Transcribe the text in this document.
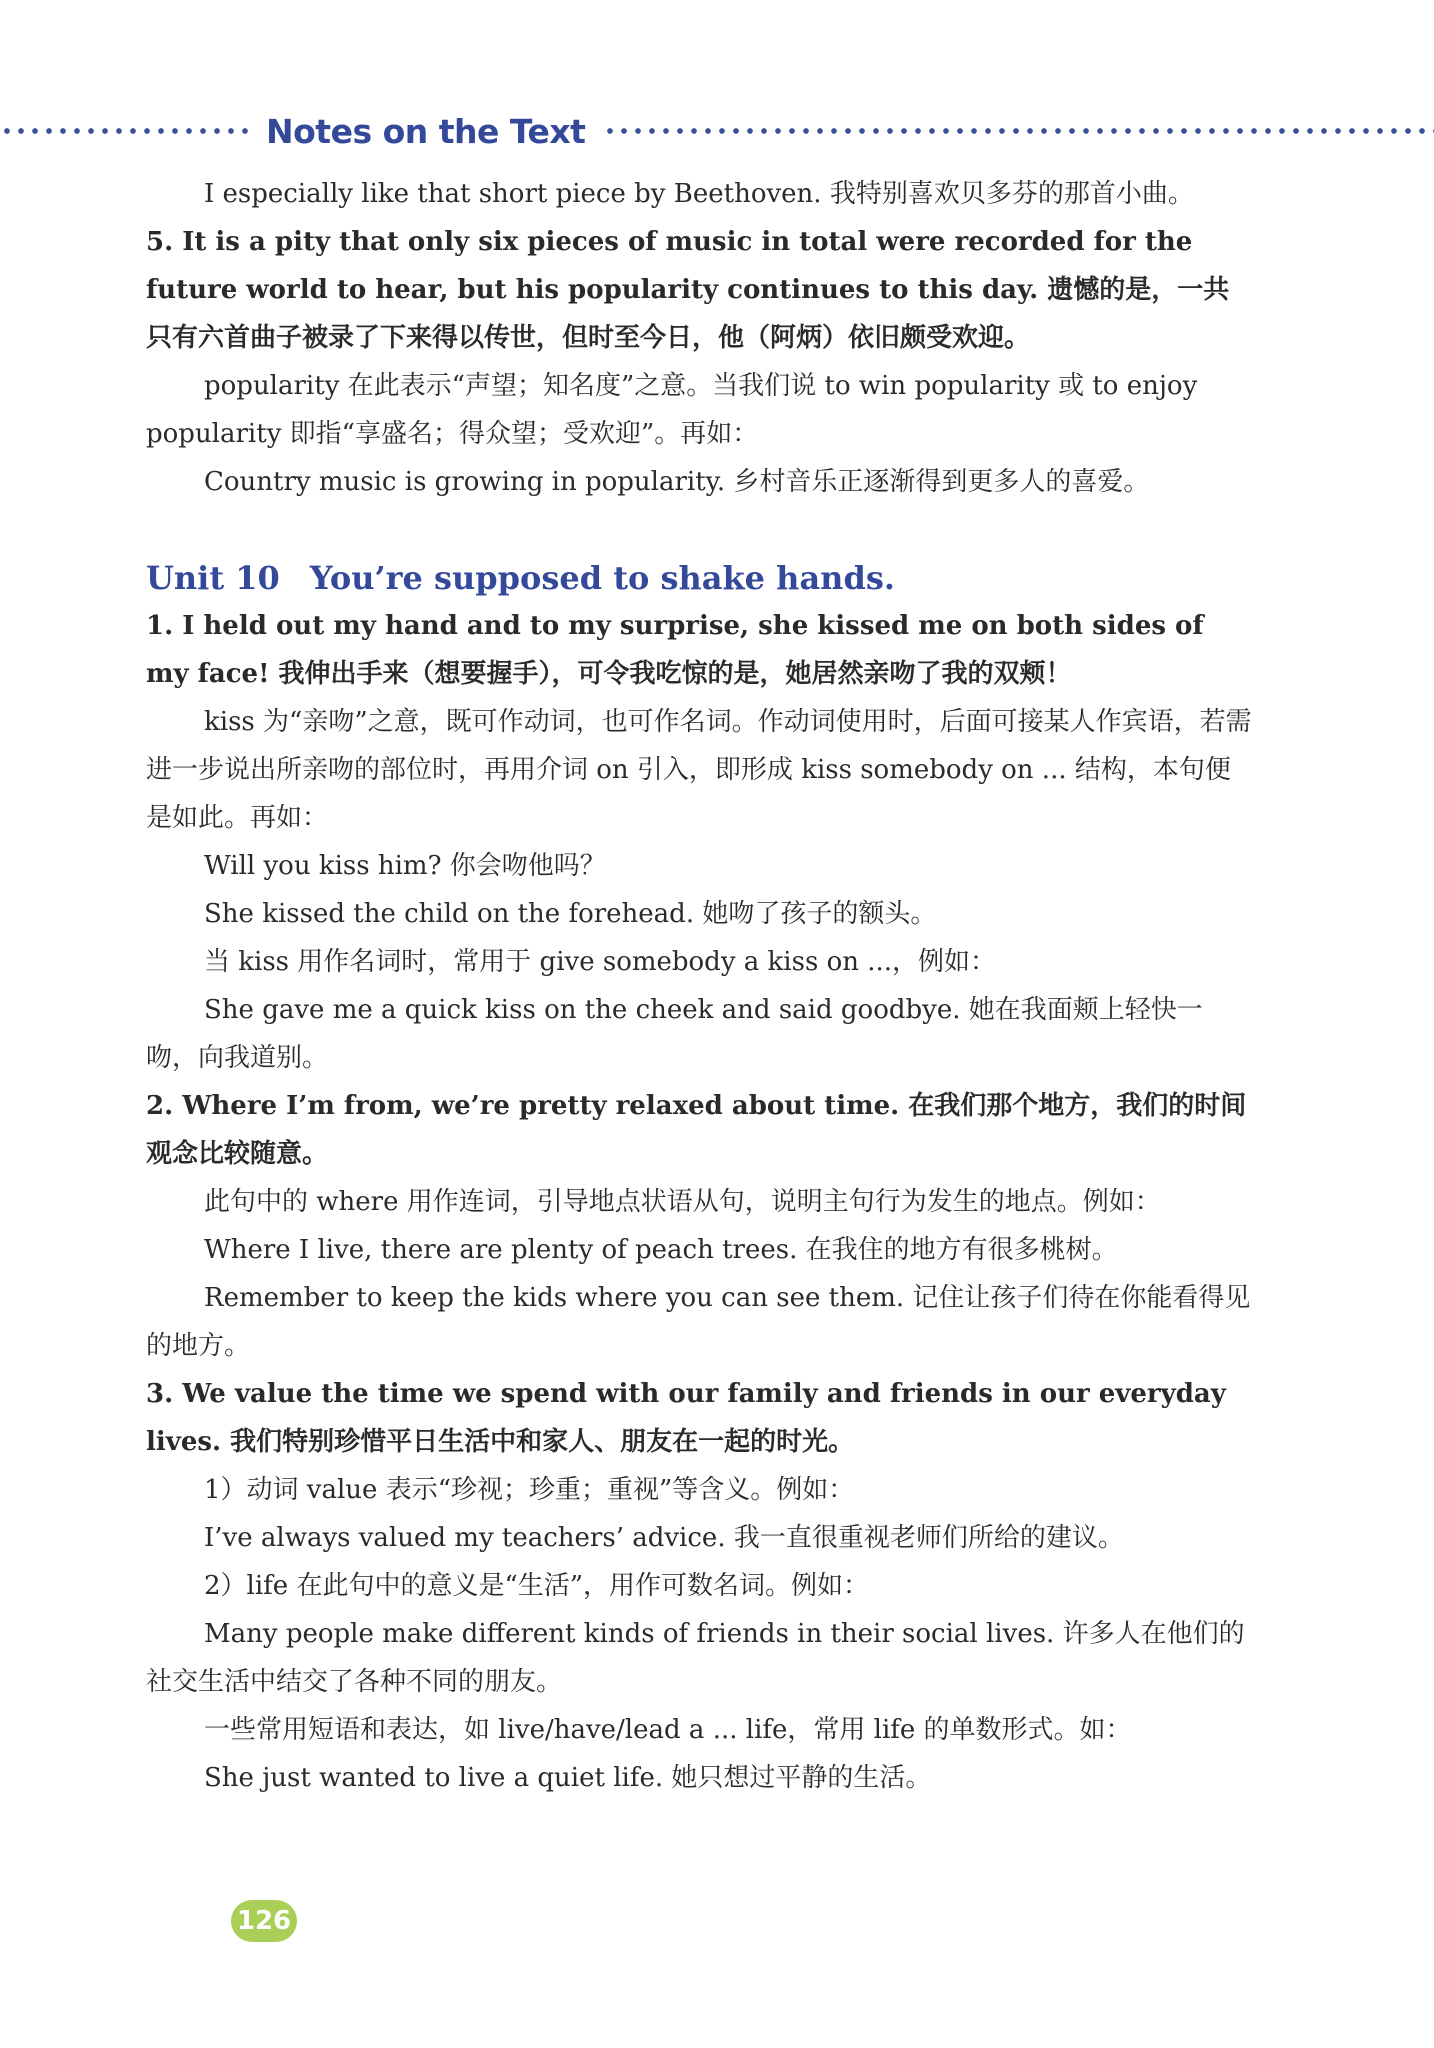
Notes on the Text

I especially like that short piece by Beethoven. 我特别喜欢贝多芬的那首小曲。

5. It is a pity that only six pieces of music in total were recorded for the future world to hear, but his popularity continues to this day. 遗憾的是，一共只有六首曲子被录了下来得以传世，但时至今日，他（阿炳）依旧颇受欢迎。

popularity 在此表示“声望；知名度”之意。当我们说 to win popularity 或 to enjoy popularity 即指“享盛名；得众望；受欢迎”。再如：

Country music is growing in popularity. 乡村音乐正逐渐得到更多人的喜爱。

Unit 10 You’re supposed to shake hands.

1. I held out my hand and to my surprise, she kissed me on both sides of my face! 我伸出手来（想要握手），可令我吃惊的是，她居然亲吻了我的双颊！

kiss 为“亲吻”之意，既可作动词，也可作名词。作动词使用时，后面可接某人作宾语，若需进一步说出所亲吻的部位时，再用介词 on 引入，即形成 kiss somebody on ... 结构，本句便是如此。再如：

Will you kiss him? 你会吻他吗？

She kissed the child on the forehead. 她吻了孩子的额头。

当 kiss 用作名词时，常用于 give somebody a kiss on ...，例如：

She gave me a quick kiss on the cheek and said goodbye. 她在我面颊上轻快一吻，向我道别。

2. Where I’m from, we’re pretty relaxed about time. 在我们那个地方，我们的时间观念比较随意。

此句中的 where 用作连词，引导地点状语从句，说明主句行为发生的地点。例如：

Where I live, there are plenty of peach trees. 在我住的地方有很多桃树。

Remember to keep the kids where you can see them. 记住让孩子们待在你能看得见的地方。

3. We value the time we spend with our family and friends in our everyday lives. 我们特别珍惜平日生活中和家人、朋友在一起的时光。

1）动词 value 表示“珍视；珍重；重视”等含义。例如：

I’ve always valued my teachers’ advice. 我一直很重视老师们所给的建议。

2）life 在此句中的意义是“生活”，用作可数名词。例如：

Many people make different kinds of friends in their social lives. 许多人在他们的社交生活中结交了各种不同的朋友。

一些常用短语和表达，如 live/have/lead a ... life，常用 life 的单数形式。如：

She just wanted to live a quiet life. 她只想过平静的生活。

126
